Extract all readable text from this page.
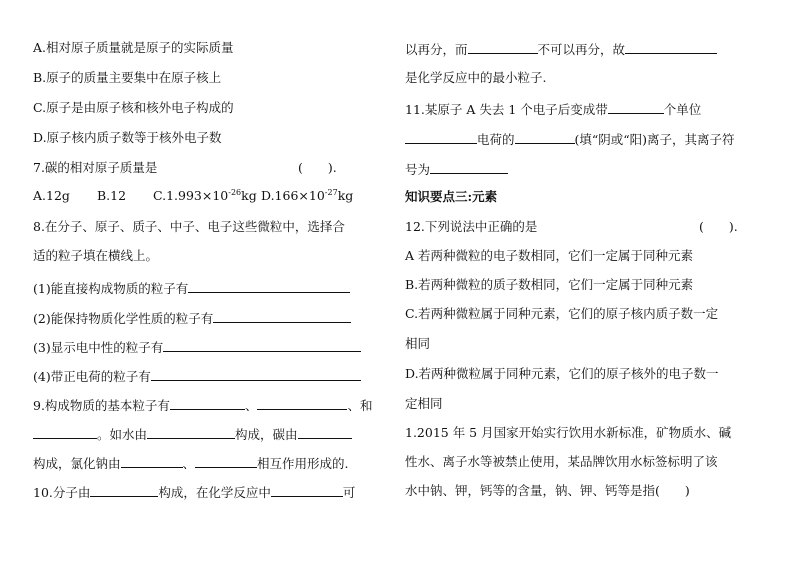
A.相对原子质量就是原子的实际质量
B.原子的质量主要集中在原子核上
C.原子是由原子核和核外电子构成的
D.原子核内质子数等于核外电子数
7.碳的相对原子质量是	(　　).
A.12g B.12 $C.1.993\times 10^{-26}kg$ $D.166\times 10^{-27}kg$
8.在分子、原子、质子、中子、电子这些微粒中，选择合
适的粒子填在横线上。
(1)能直接构成物质的粒子有
(2)能保持物质化学性质的粒子有
(3)显示电中性的粒子有
(4)带正电荷的粒子有
9.构成物质的基本粒子有	、	、和
。如水由	构成，碳由
构成，氯化钠由	、	相互作用形成的.
10.分子由	构成，在化学反应中	可
以再分，而	不可以再分，故
是化学反应中的最小粒子.
11.某原子 A 失去 1 个电子后变成带	个单位
电荷的	(填“阴或“阳)离子，其离子符
号为
知识要点三:元素
12.下列说法中正确的是	(　　).
A 若两种微粒的电子数相同，它们一定属于同种元素
B.若两种微粒的质子数相同，它们一定属于同种元素
C.若两种微粒属于同种元素，它们的原子核内质子数一定
相同
D.若两种微粒属于同种元素，它们的原子核外的电子数一
定相同
1.2015 年 5 月国家开始实行饮用水新标准，矿物质水、碱
性水、离子水等被禁止使用，某品牌饮用水标签标明了该
水中钠、钾，钙等的含量，钠、钾、钙等是指(　　)
